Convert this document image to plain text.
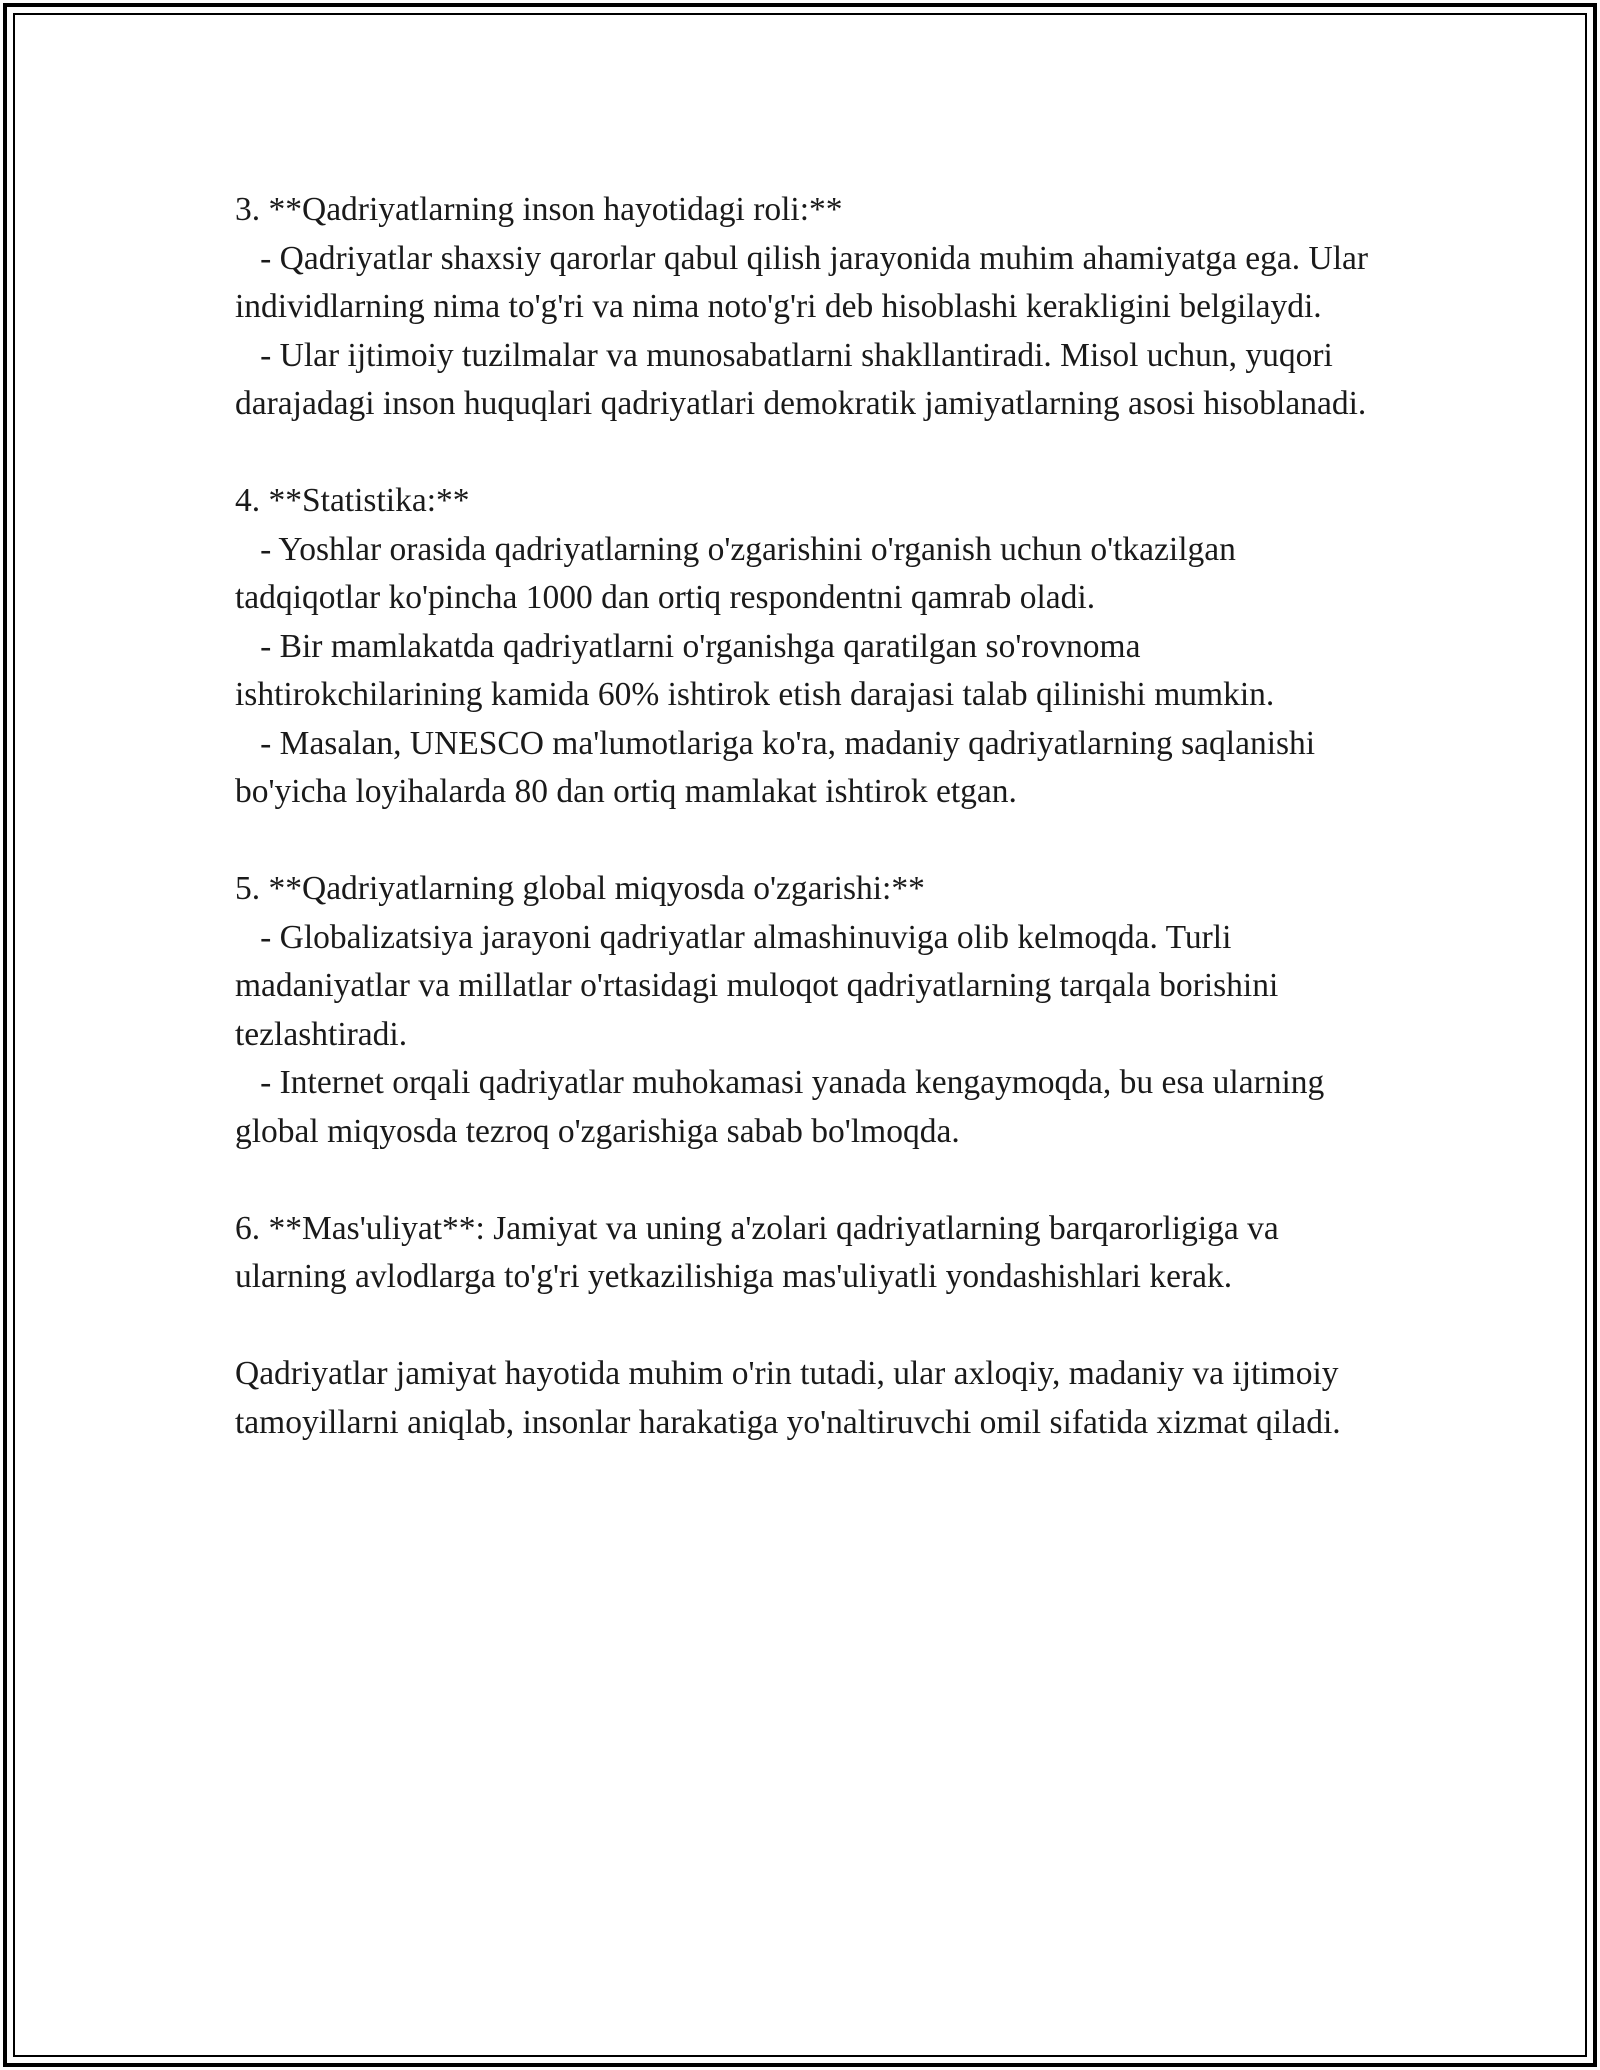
3. **Qadriyatlarning inson hayotidagi roli:**

- Qadriyatlar shaxsiy qarorlar qabul qilish jarayonida muhim ahamiyatga ega. Ular individlarning nima to'g'ri va nima noto'g'ri deb hisoblashi kerakligini belgilaydi.

- Ular ijtimoiy tuzilmalar va munosabatlarni shakllantiradi. Misol uchun, yuqori darajadagi inson huquqlari qadriyatlari demokratik jamiyatlarning asosi hisoblanadi.

4. **Statistika:**

- Yoshlar orasida qadriyatlarning o'zgarishini o'rganish uchun o'tkazilgan tadqiqotlar ko'pincha 1000 dan ortiq respondentni qamrab oladi.

- Bir mamlakatda qadriyatlarni o'rganishga qaratilgan so'rovnoma ishtirokchilarining kamida 60% ishtirok etish darajasi talab qilinishi mumkin.

- Masalan, UNESCO ma'lumotlariga ko'ra, madaniy qadriyatlarning saqlanishi bo'yicha loyihalarda 80 dan ortiq mamlakat ishtirok etgan.

5. **Qadriyatlarning global miqyosda o'zgarishi:**

- Globalizatsiya jarayoni qadriyatlar almashinuviga olib kelmoqda. Turli madaniyatlar va millatlar o'rtasidagi muloqot qadriyatlarning tarqala borishini tezlashtiradi.

- Internet orqali qadriyatlar muhokamasi yanada kengaymoqda, bu esa ularning global miqyosda tezroq o'zgarishiga sabab bo'lmoqda.

6. **Mas'uliyat**: Jamiyat va uning a'zolari qadriyatlarning barqarorligiga va ularning avlodlarga to'g'ri yetkazilishiga mas'uliyatli yondashishlari kerak.

Qadriyatlar jamiyat hayotida muhim o'rin tutadi, ular axloqiy, madaniy va ijtimoiy tamoyillarni aniqlab, insonlar harakatiga yo'naltiruvchi omil sifatida xizmat qiladi.
